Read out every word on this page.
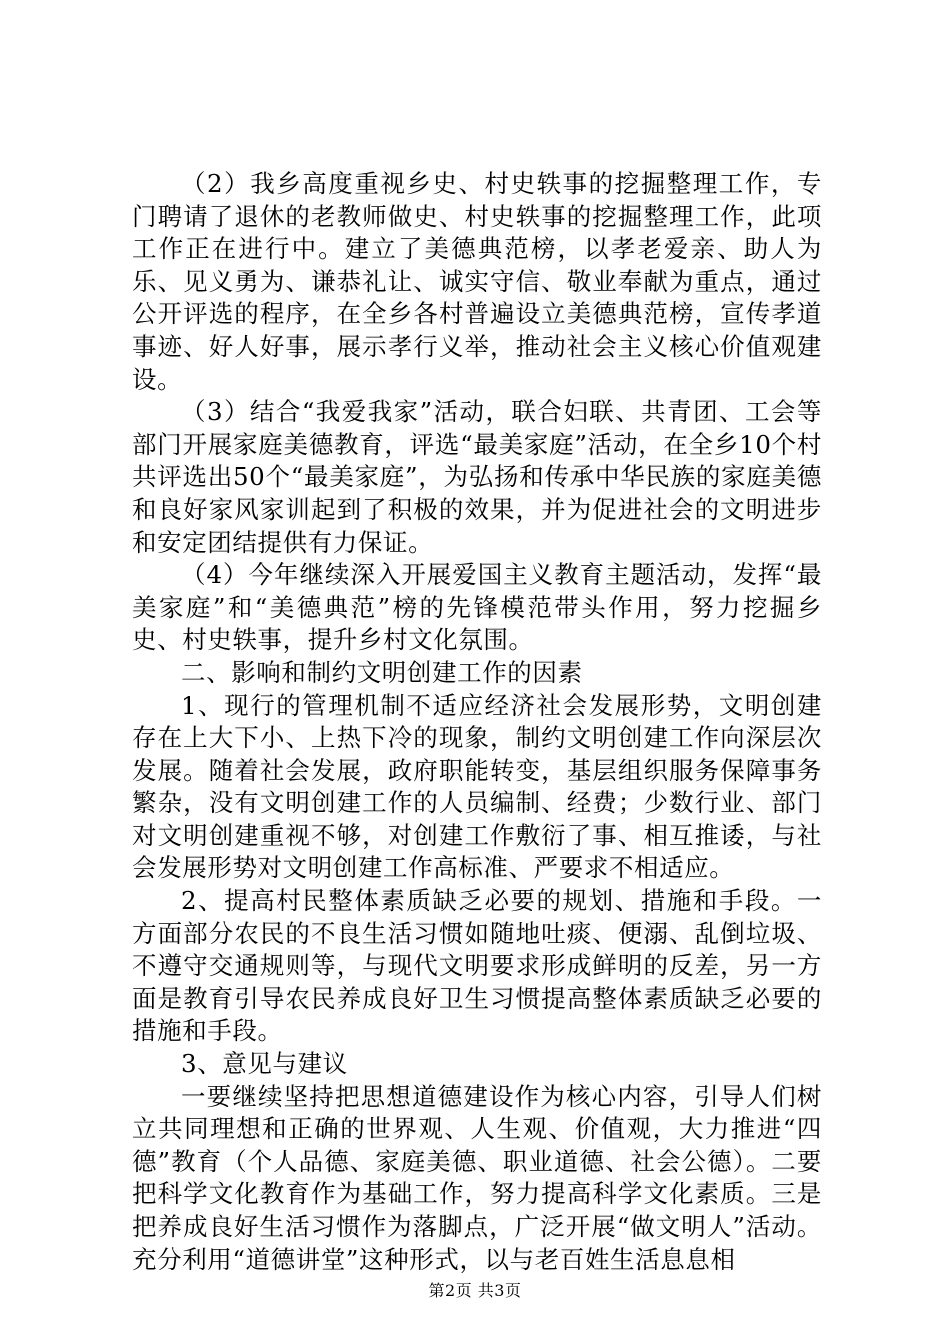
（2）我乡高度重视乡史、村史轶事的挖掘整理工作，专门聘请了退休的老教师做史、村史轶事的挖掘整理工作，此项工作正在进行中。建立了美德典范榜，以孝老爱亲、助人为乐、见义勇为、谦恭礼让、诚实守信、敬业奉献为重点，通过公开评选的程序，在全乡各村普遍设立美德典范榜，宣传孝道事迹、好人好事，展示孝行义举，推动社会主义核心价值观建设。

（3）结合“我爱我家”活动，联合妇联、共青团、工会等部门开展家庭美德教育，评选“最美家庭”活动，在全乡10个村共评选出50个“最美家庭”，为弘扬和传承中华民族的家庭美德和良好家风家训起到了积极的效果，并为促进社会的文明进步和安定团结提供有力保证。

（4）今年继续深入开展爱国主义教育主题活动，发挥“最美家庭”和“美德典范”榜的先锋模范带头作用，努力挖掘乡史、村史轶事，提升乡村文化氛围。

二、影响和制约文明创建工作的因素

1、现行的管理机制不适应经济社会发展形势，文明创建存在上大下小、上热下冷的现象，制约文明创建工作向深层次发展。随着社会发展，政府职能转变，基层组织服务保障事务繁杂，没有文明创建工作的人员编制、经费；少数行业、部门对文明创建重视不够，对创建工作敷衍了事、相互推诿，与社会发展形势对文明创建工作高标准、严要求不相适应。

2、提高村民整体素质缺乏必要的规划、措施和手段。一方面部分农民的不良生活习惯如随地吐痰、便溺、乱倒垃圾、不遵守交通规则等，与现代文明要求形成鲜明的反差，另一方面是教育引导农民养成良好卫生习惯提高整体素质缺乏必要的措施和手段。

3、意见与建议

一要继续坚持把思想道德建设作为核心内容，引导人们树立共同理想和正确的世界观、人生观、价值观，大力推进“四德”教育（个人品德、家庭美德、职业道德、社会公德）。二要把科学文化教育作为基础工作，努力提高科学文化素质。三是把养成良好生活习惯作为落脚点，广泛开展“做文明人”活动。充分利用“道德讲堂”这种形式，以与老百姓生活息息相

第2页 共3页
